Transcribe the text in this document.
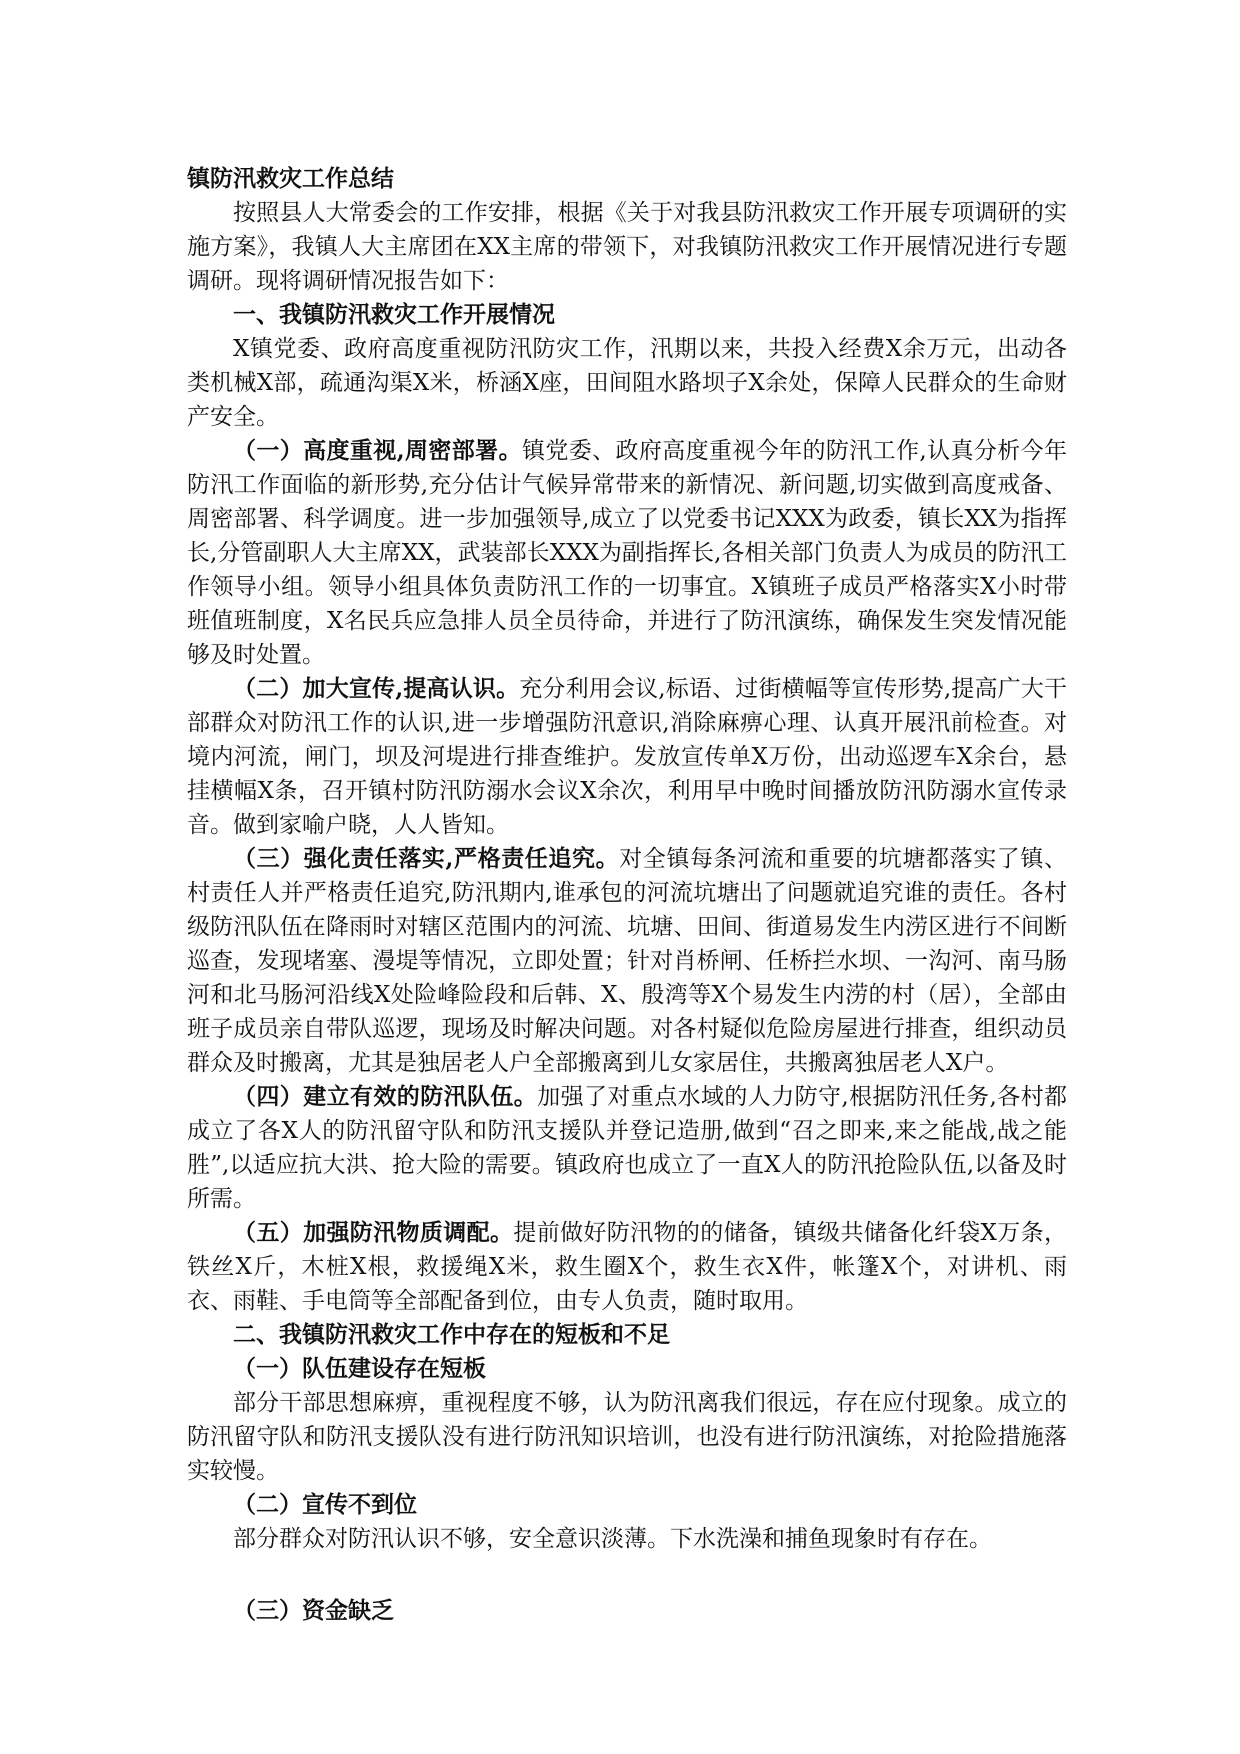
镇防汛救灾工作总结

按照县人大常委会的工作安排，根据《关于对我县防汛救灾工作开展专项调研的实施方案》，我镇人大主席团在XX主席的带领下，对我镇防汛救灾工作开展情况进行专题调研。现将调研情况报告如下：

一、我镇防汛救灾工作开展情况

X镇党委、政府高度重视防汛防灾工作，汛期以来，共投入经费X余万元，出动各类机械X部，疏通沟渠X米，桥涵X座，田间阻水路坝子X余处，保障人民群众的生命财产安全。

（一）高度重视,周密部署。镇党委、政府高度重视今年的防汛工作,认真分析今年防汛工作面临的新形势,充分估计气候异常带来的新情况、新问题,切实做到高度戒备、周密部署、科学调度。进一步加强领导,成立了以党委书记XXX为政委，镇长XX为指挥长,分管副职人大主席XX，武装部长XXX为副指挥长,各相关部门负责人为成员的防汛工作领导小组。领导小组具体负责防汛工作的一切事宜。X镇班子成员严格落实X小时带班值班制度，X名民兵应急排人员全员待命，并进行了防汛演练，确保发生突发情况能够及时处置。

（二）加大宣传,提高认识。充分利用会议,标语、过街横幅等宣传形势,提高广大干部群众对防汛工作的认识,进一步增强防汛意识,消除麻痹心理、认真开展汛前检查。对境内河流，闸门，坝及河堤进行排查维护。发放宣传单X万份，出动巡逻车X余台，悬挂横幅X条，召开镇村防汛防溺水会议X余次，利用早中晚时间播放防汛防溺水宣传录音。做到家喻户晓，人人皆知。

（三）强化责任落实,严格责任追究。对全镇每条河流和重要的坑塘都落实了镇、村责任人并严格责任追究,防汛期内,谁承包的河流坑塘出了问题就追究谁的责任。各村级防汛队伍在降雨时对辖区范围内的河流、坑塘、田间、街道易发生内涝区进行不间断巡查，发现堵塞、漫堤等情况，立即处置；针对肖桥闸、任桥拦水坝、一沟河、南马肠河和北马肠河沿线X处险峰险段和后韩、X、殷湾等X个易发生内涝的村（居），全部由班子成员亲自带队巡逻，现场及时解决问题。对各村疑似危险房屋进行排查，组织动员群众及时搬离，尤其是独居老人户全部搬离到儿女家居住，共搬离独居老人X户。

（四）建立有效的防汛队伍。加强了对重点水域的人力防守,根据防汛任务,各村都成立了各X人的防汛留守队和防汛支援队并登记造册,做到“召之即来,来之能战,战之能胜”,以适应抗大洪、抢大险的需要。镇政府也成立了一直X人的防汛抢险队伍,以备及时所需。

（五）加强防汛物质调配。提前做好防汛物的的储备，镇级共储备化纤袋X万条，铁丝X斤，木桩X根，救援绳X米，救生圈X个，救生衣X件，帐篷X个，对讲机、雨衣、雨鞋、手电筒等全部配备到位，由专人负责，随时取用。

二、我镇防汛救灾工作中存在的短板和不足

（一）队伍建设存在短板

部分干部思想麻痹，重视程度不够，认为防汛离我们很远，存在应付现象。成立的防汛留守队和防汛支援队没有进行防汛知识培训，也没有进行防汛演练，对抢险措施落实较慢。

（二）宣传不到位

部分群众对防汛认识不够，安全意识淡薄。下水洗澡和捕鱼现象时有存在。

（三）资金缺乏
